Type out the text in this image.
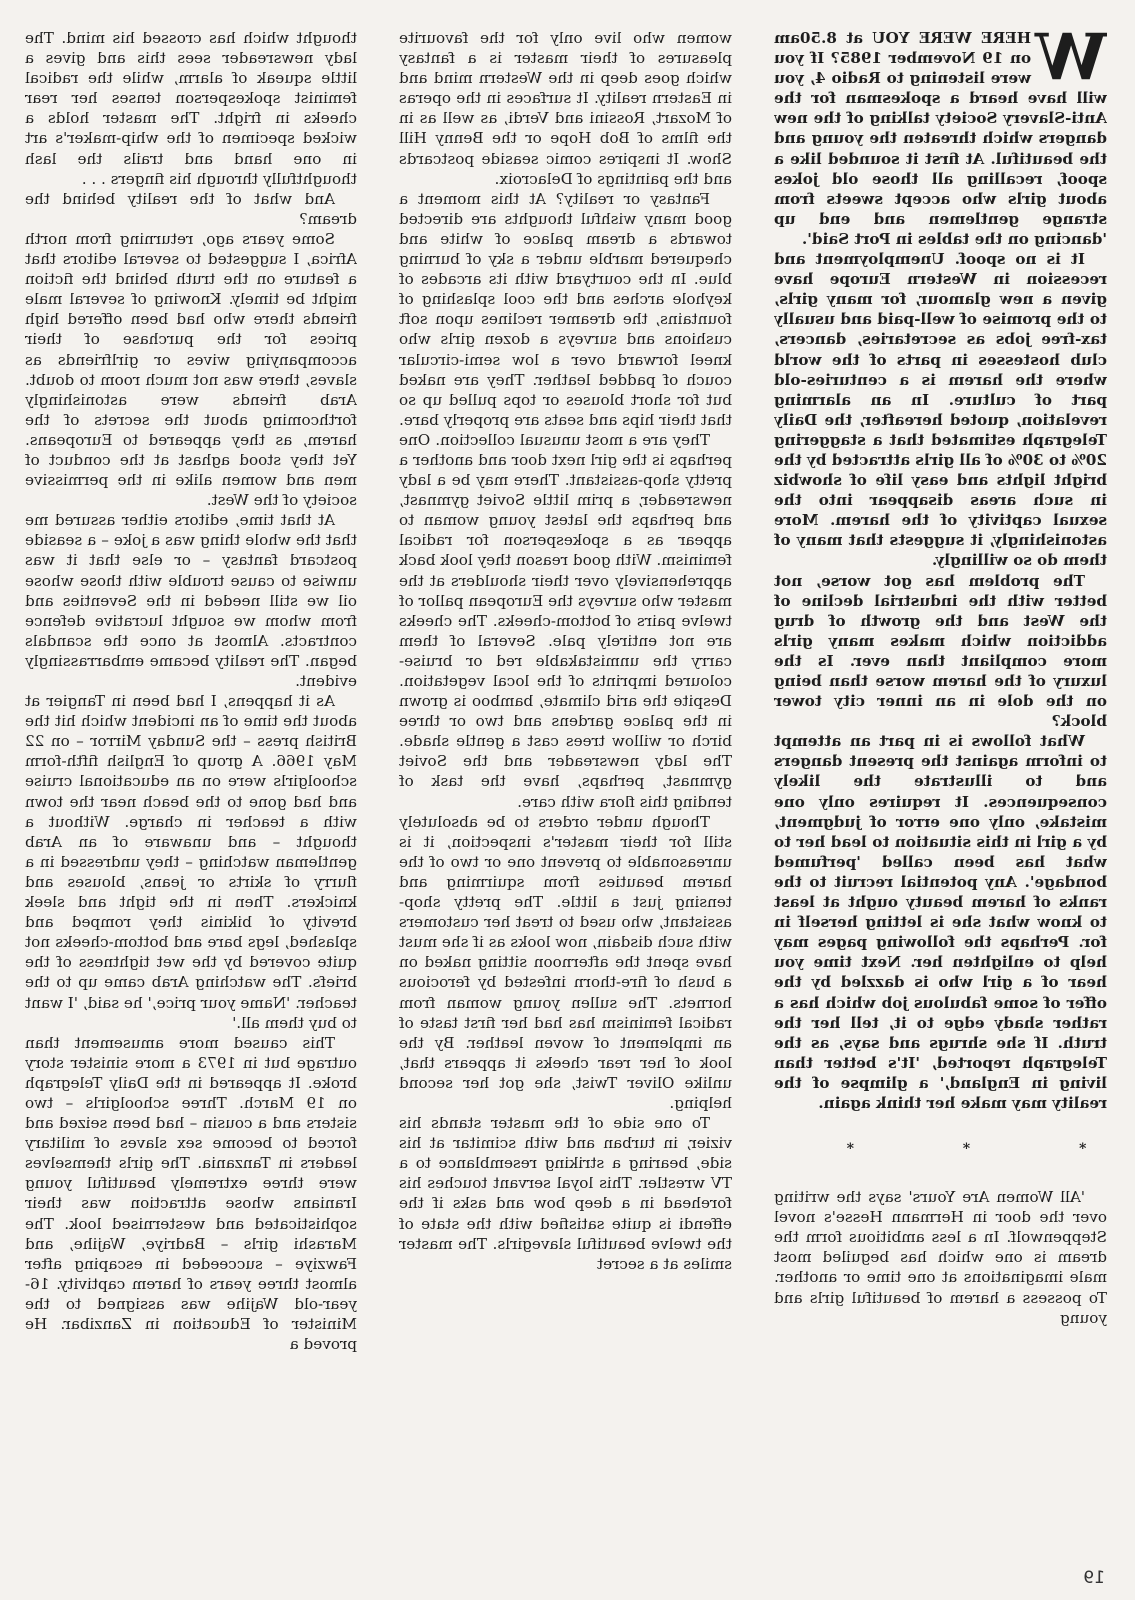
W

HERE WERE YOU at 8.50am on 19 November 1985? If you were listening to Radio 4, you will have heard a spokesman for the Anti-Slavery Society talking of the new dangers which threaten the young and the beautiful. At first it sounded like a spoof, recalling all those old jokes about girls who accept sweets from strange gentlemen and end up 'dancing on the tables in Port Said'.

It is no spoof. Unemployment and recession in Western Europe have given a new glamour, for many girls, to the promise of well-paid and usually tax-free jobs as secretaries, dancers, club hostesses in parts of the world where the harem is a centuries-old part of culture. In an alarming revelation, quoted hereafter, the Daily Telegraph estimated that a staggering 20% to 30% of all girls attracted by the bright lights and easy life of showbiz in such areas disappear into the sexual captivity of the harem. More astonishingly, it suggests that many of them do so willingly.

The problem has got worse, not better with the industrial decline of the West and the growth of drug addiction which makes many girls more compliant than ever. Is the luxury of the harem worse than being on the dole in an inner city tower block?

What follows is in part an attempt to inform against the present dangers and to illustrate the likely consequences. It requires only one mistake, only one error of judgment, by a girl in this situation to lead her to what has been called 'perfumed bondage'. Any potential recruit to the ranks of harem beauty ought at least to know what she is letting herself in for. Perhaps the following pages may help to enlighten her. Next time you hear of a girl who is dazzled by the offer of some fabulous job which has a rather shady edge to it, tell her the truth. If she shrugs and says, as the Telegraph reported, 'It's better than living in England,' a glimpse of the reality may make her think again.

* * *

'All Women Are Yours' says the writing over the door in Hermann Hesse's novel Steppenwolf. In a less ambitious form the dream is one which has beguiled most male imaginations at one time or another. To possess a harem of beautiful girls and young

women who live only for the favourite pleasures of their master is a fantasy which goes deep in the Western mind and in Eastern reality. It surfaces in the operas of Mozart, Rossini and Verdi, as well as in the films of Bob Hope or the Benny Hill Show. It inspires comic seaside postcards and the paintings of Delacroix.

Fantasy or reality? At this moment a good many wishful thoughts are directed towards a dream palace of white and chequered marble under a sky of burning blue. In the courtyard with its arcades of keyhole arches and the cool splashing of fountains, the dreamer reclines upon soft cushions and surveys a dozen girls who kneel forward over a low semi-circular couch of padded leather. They are naked but for short blouses or tops pulled up so that their hips and seats are properly bare.

They are a most unusual collection. One perhaps is the girl next door and another a pretty shop-assistant. There may be a lady newsreader, a prim little Soviet gymnast, and perhaps the latest young woman to appear as a spokesperson for radical feminism. With good reason they look back apprehensively over their shoulders at the master who surveys the European pallor of twelve pairs of bottom-cheeks. The cheeks are not entirely pale. Several of them carry the unmistakable red or bruise-coloured imprints of the local vegetation. Despite the arid climate, bamboo is grown in the palace gardens and two or three birch or willow trees cast a gentle shade. The lady newsreader and the Soviet gymnast, perhaps, have the task of tending this flora with care.

Though under orders to be absolutely still for their master's inspection, it is unreasonable to prevent one or two of the harem beauties from squirming and tensing just a little. The pretty shop-assistant, who used to treat her customers with such disdain, now looks as if she must have spent the afternoon sitting naked on a bush of fire-thorn infested by ferocious hornets. The sullen young woman from radical feminism has had her first taste of an implement of woven leather. By the look of her rear cheeks it appears that, unlike Oliver Twist, she got her second helping.

To one side of the master stands his vizier, in turban and with scimitar at his side, bearing a striking resemblance to a TV wrestler. This loyal servant touches his forehead in a deep bow and asks if the effendi is quite satisfied with the state of the twelve beautiful slavegirls. The master smiles at a secret

thought which has crossed his mind. The lady newsreader sees this and gives a little squeak of alarm, while the radical feminist spokesperson tenses her rear cheeks in fright. The master holds a wicked specimen of the whip-maker's art in one hand and trails the lash thoughtfully through his fingers . . .

And what of the reality behind the dream?

Some years ago, returning from north Africa, I suggested to several editors that a feature on the truth behind the fiction might be timely. Knowing of several male friends there who had been offered high prices for the purchase of their accompanying wives or girlfriends as slaves, there was not much room to doubt. Arab friends were astonishingly forthcoming about the secrets of the harem, as they appeared to Europeans. Yet they stood aghast at the conduct of men and women alike in the permissive society of the West.

At that time, editors either assured me that the whole thing was a joke – a seaside postcard fantasy – or else that it was unwise to cause trouble with those whose oil we still needed in the Seventies and from whom we sought lucrative defence contracts. Almost at once the scandals began. The reality became embarrassingly evident.

As it happens, I had been in Tangier at about the time of an incident which hit the British press – the Sunday Mirror – on 22 May 1966. A group of English fifth-form schoolgirls were on an educational cruise and had gone to the beach near the town with a teacher in charge. Without a thought – and unaware of an Arab gentleman watching – they undressed in a flurry of skirts or jeans, blouses and knickers. Then in the tight and sleek brevity of bikinis they romped and splashed, legs bare and bottom-cheeks not quite covered by the wet tightness of the briefs. The watching Arab came up to the teacher. 'Name your price,' he said, 'I want to buy them all.'

This caused more amusement than outrage but in 1973 a more sinister story broke. It appeared in the Daily Telegraph on 19 March. Three schoolgirls – two sisters and a cousin – had been seized and forced to become sex slaves of military leaders in Tanzania. The girls themselves were three extremely beautiful young Iranians whose attraction was their sophisticated and westernised look. The Marashi girls – Badriye, Wajihe, and Fawziye – succeeded in escaping after almost three years of harem captivity. 16-year-old Wajihe was assigned to the Minister of Education in Zanzibar. He proved a

19
